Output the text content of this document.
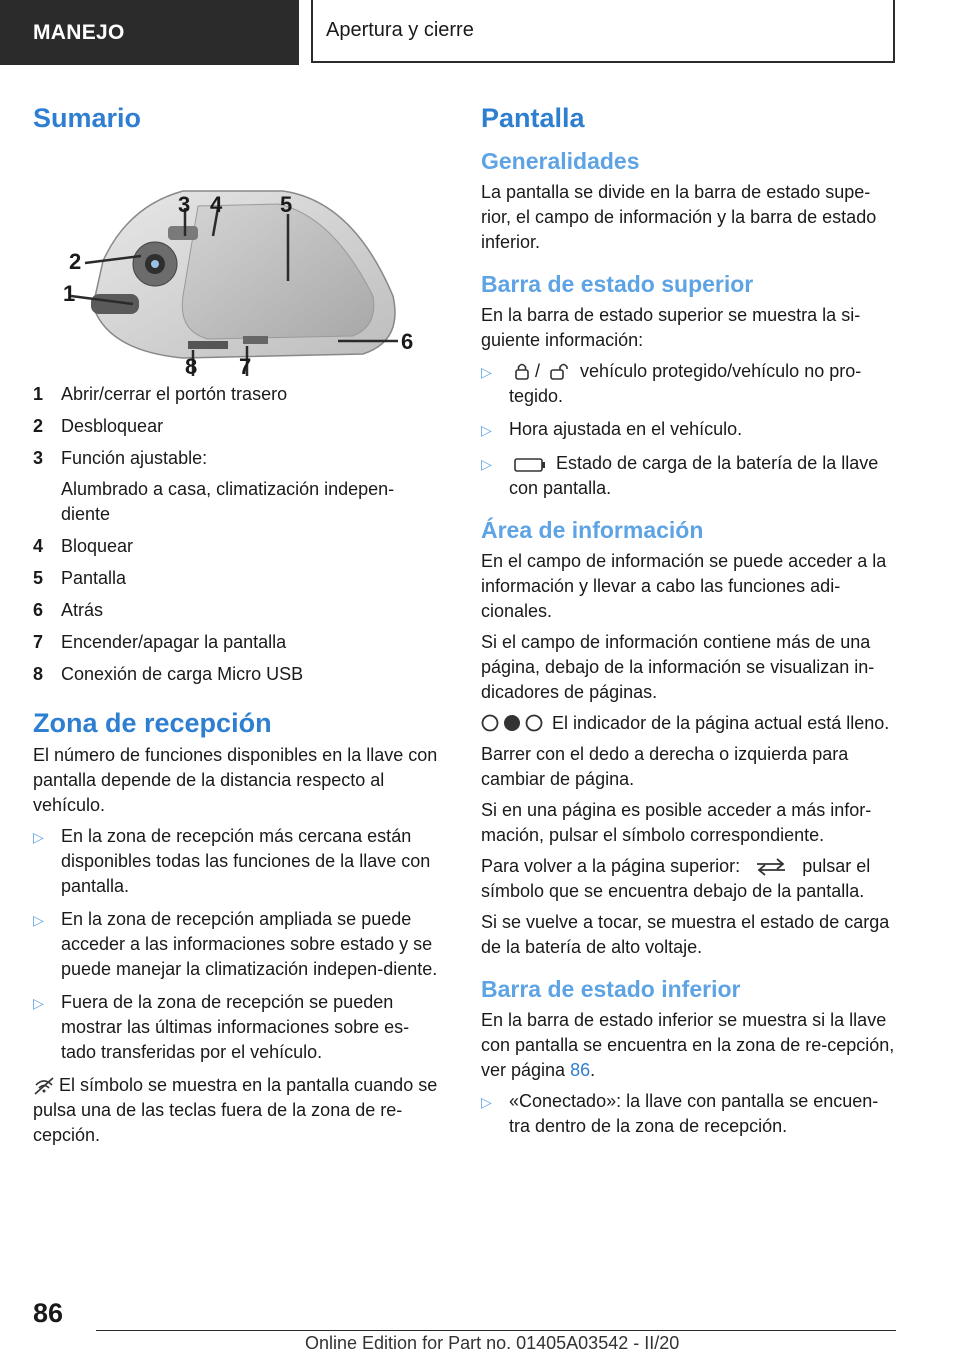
MANEJO	Apertura y cierre
Sumario
1
2
3 4	5
6
7
8
1 Abrir/cerrar el portón trasero
2 Desbloquear
3 Función ajustable:
Alumbrado a casa, climatización indepen‐diente
4 Bloquear
5 Pantalla
6 Atrás
7 Encender/apagar la pantalla
8 Conexión de carga Micro USB
Zona de recepción

El número de funciones disponibles en la llave con pantalla depende de la distancia respecto al vehículo.

▷ En la zona de recepción más cercana están disponibles todas las funciones de la llave con pantalla.
▷ En la zona de recepción ampliada se puede acceder a las informaciones sobre estado y se puede manejar la climatización indepen‐diente.
▷ Fuera de la zona de recepción se pueden mostrar las últimas informaciones sobre es‐tado transferidas por el vehículo.

El símbolo se muestra en la pantalla cuando se pulsa una de las teclas fuera de la zona de re‐cepción.

Pantalla
Generalidades

La pantalla se divide en la barra de estado supe‐rior, el campo de información y la barra de estado inferior.

Barra de estado superior

En la barra de estado superior se muestra la si‐guiente información:

▷	/ vehículo protegido/vehículo no pro‐tegido.
▷ Hora ajustada en el vehículo.
▷	Estado de carga de la batería de la llave con pantalla.
Área de información

En el campo de información se puede acceder a la información y llevar a cabo las funciones adi‐cionales.

Si el campo de información contiene más de una página, debajo de la información se visualizan in‐dicadores de páginas.

El indicador de la página actual está lleno.

Barrer con el dedo a derecha o izquierda para cambiar de página.

Si en una página es posible acceder a más infor‐mación, pulsar el símbolo correspondiente.

Para volver a la página superior:	pulsar el símbolo que se encuentra debajo de la pantalla.

Si se vuelve a tocar, se muestra el estado de carga de la batería de alto voltaje.

Barra de estado inferior

En la barra de estado inferior se muestra si la llave con pantalla se encuentra en la zona de re‐cepción, ver página 86.

▷ «Conectado»: la llave con pantalla se encuen‐tra dentro de la zona de recepción.
86
Online Edition for Part no. 01405A03542 - II/20
